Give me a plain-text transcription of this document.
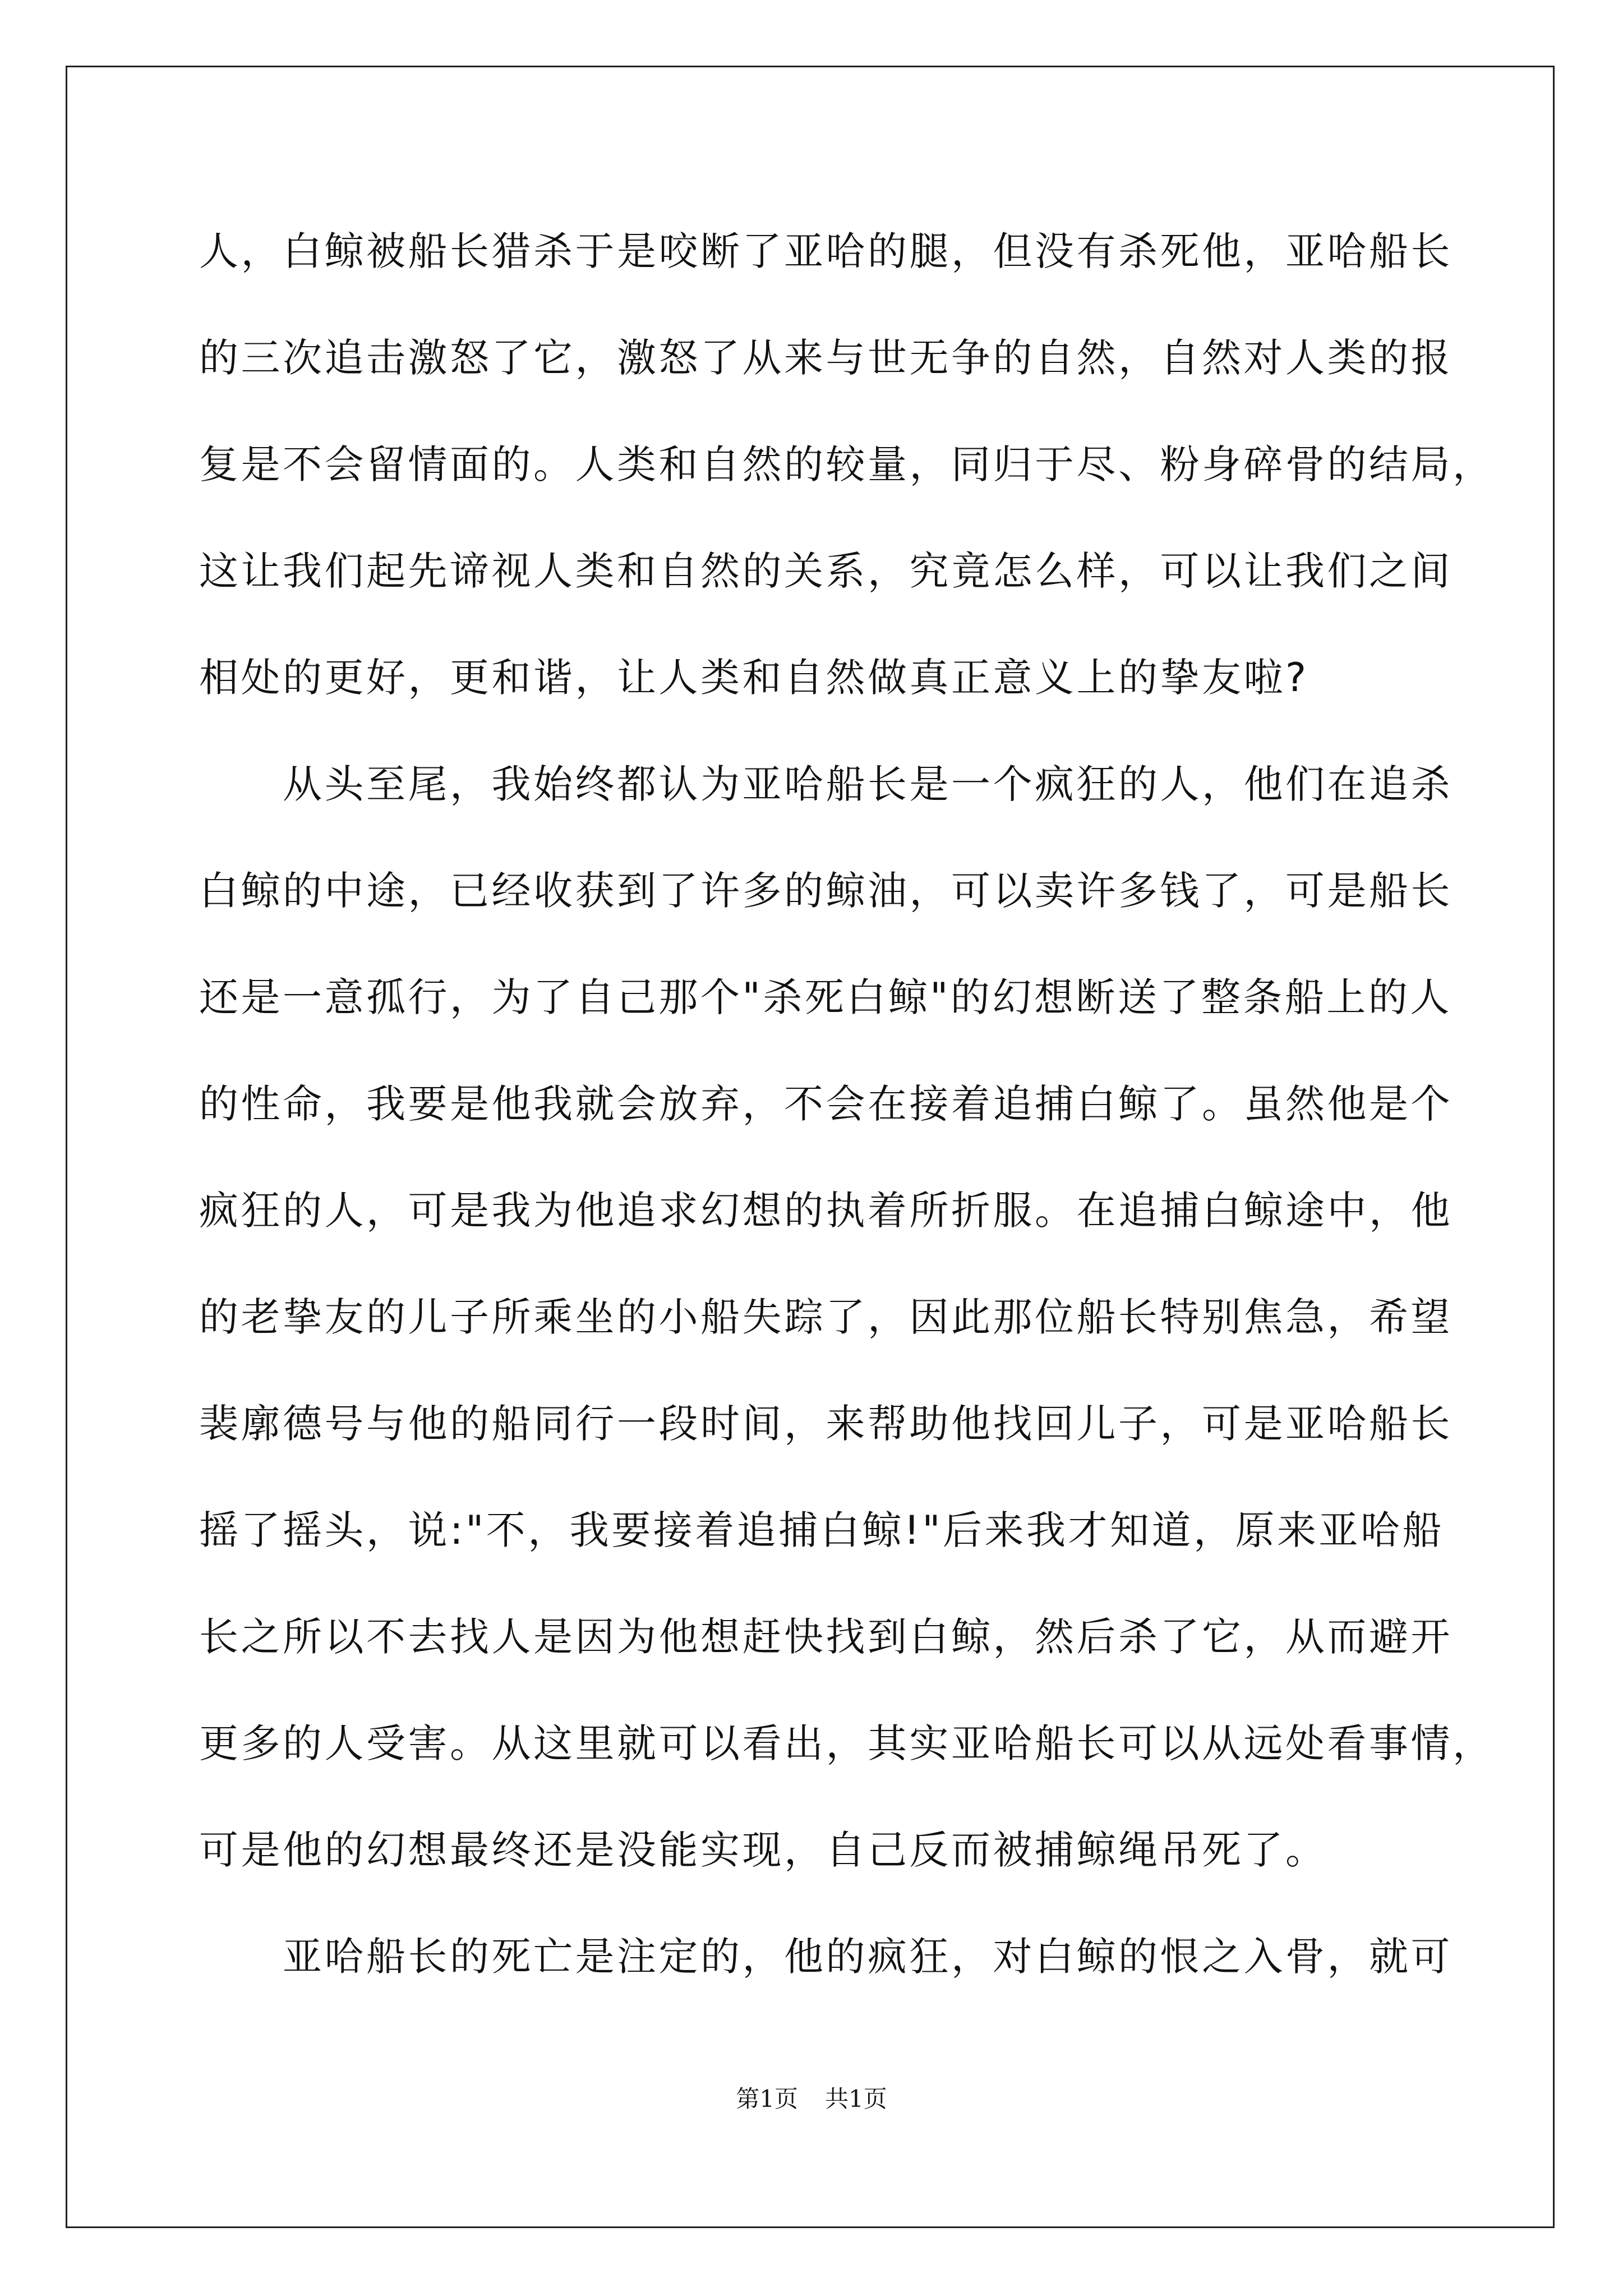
人，白鲸被船长猎杀于是咬断了亚哈的腿，但没有杀死他，亚哈船长
的三次追击激怒了它，激怒了从来与世无争的自然，自然对人类的报
复是不会留情面的。人类和自然的较量，同归于尽、粉身碎骨的结局，
这让我们起先谛视人类和自然的关系，究竟怎么样，可以让我们之间
相处的更好，更和谐，让人类和自然做真正意义上的挚友啦?
　　从头至尾，我始终都认为亚哈船长是一个疯狂的人，他们在追杀
白鲸的中途，已经收获到了许多的鲸油，可以卖许多钱了，可是船长
还是一意孤行，为了自己那个"杀死白鲸"的幻想断送了整条船上的人
的性命，我要是他我就会放弃，不会在接着追捕白鲸了。虽然他是个
疯狂的人，可是我为他追求幻想的执着所折服。在追捕白鲸途中，他
的老挚友的儿子所乘坐的小船失踪了，因此那位船长特别焦急，希望
裴廓德号与他的船同行一段时间，来帮助他找回儿子，可是亚哈船长
摇了摇头，说:"不，我要接着追捕白鲸!"后来我才知道，原来亚哈船
长之所以不去找人是因为他想赶快找到白鲸，然后杀了它，从而避开
更多的人受害。从这里就可以看出，其实亚哈船长可以从远处看事情，
可是他的幻想最终还是没能实现，自己反而被捕鲸绳吊死了。
　　亚哈船长的死亡是注定的，他的疯狂，对白鲸的恨之入骨，就可
第1页 共1页
